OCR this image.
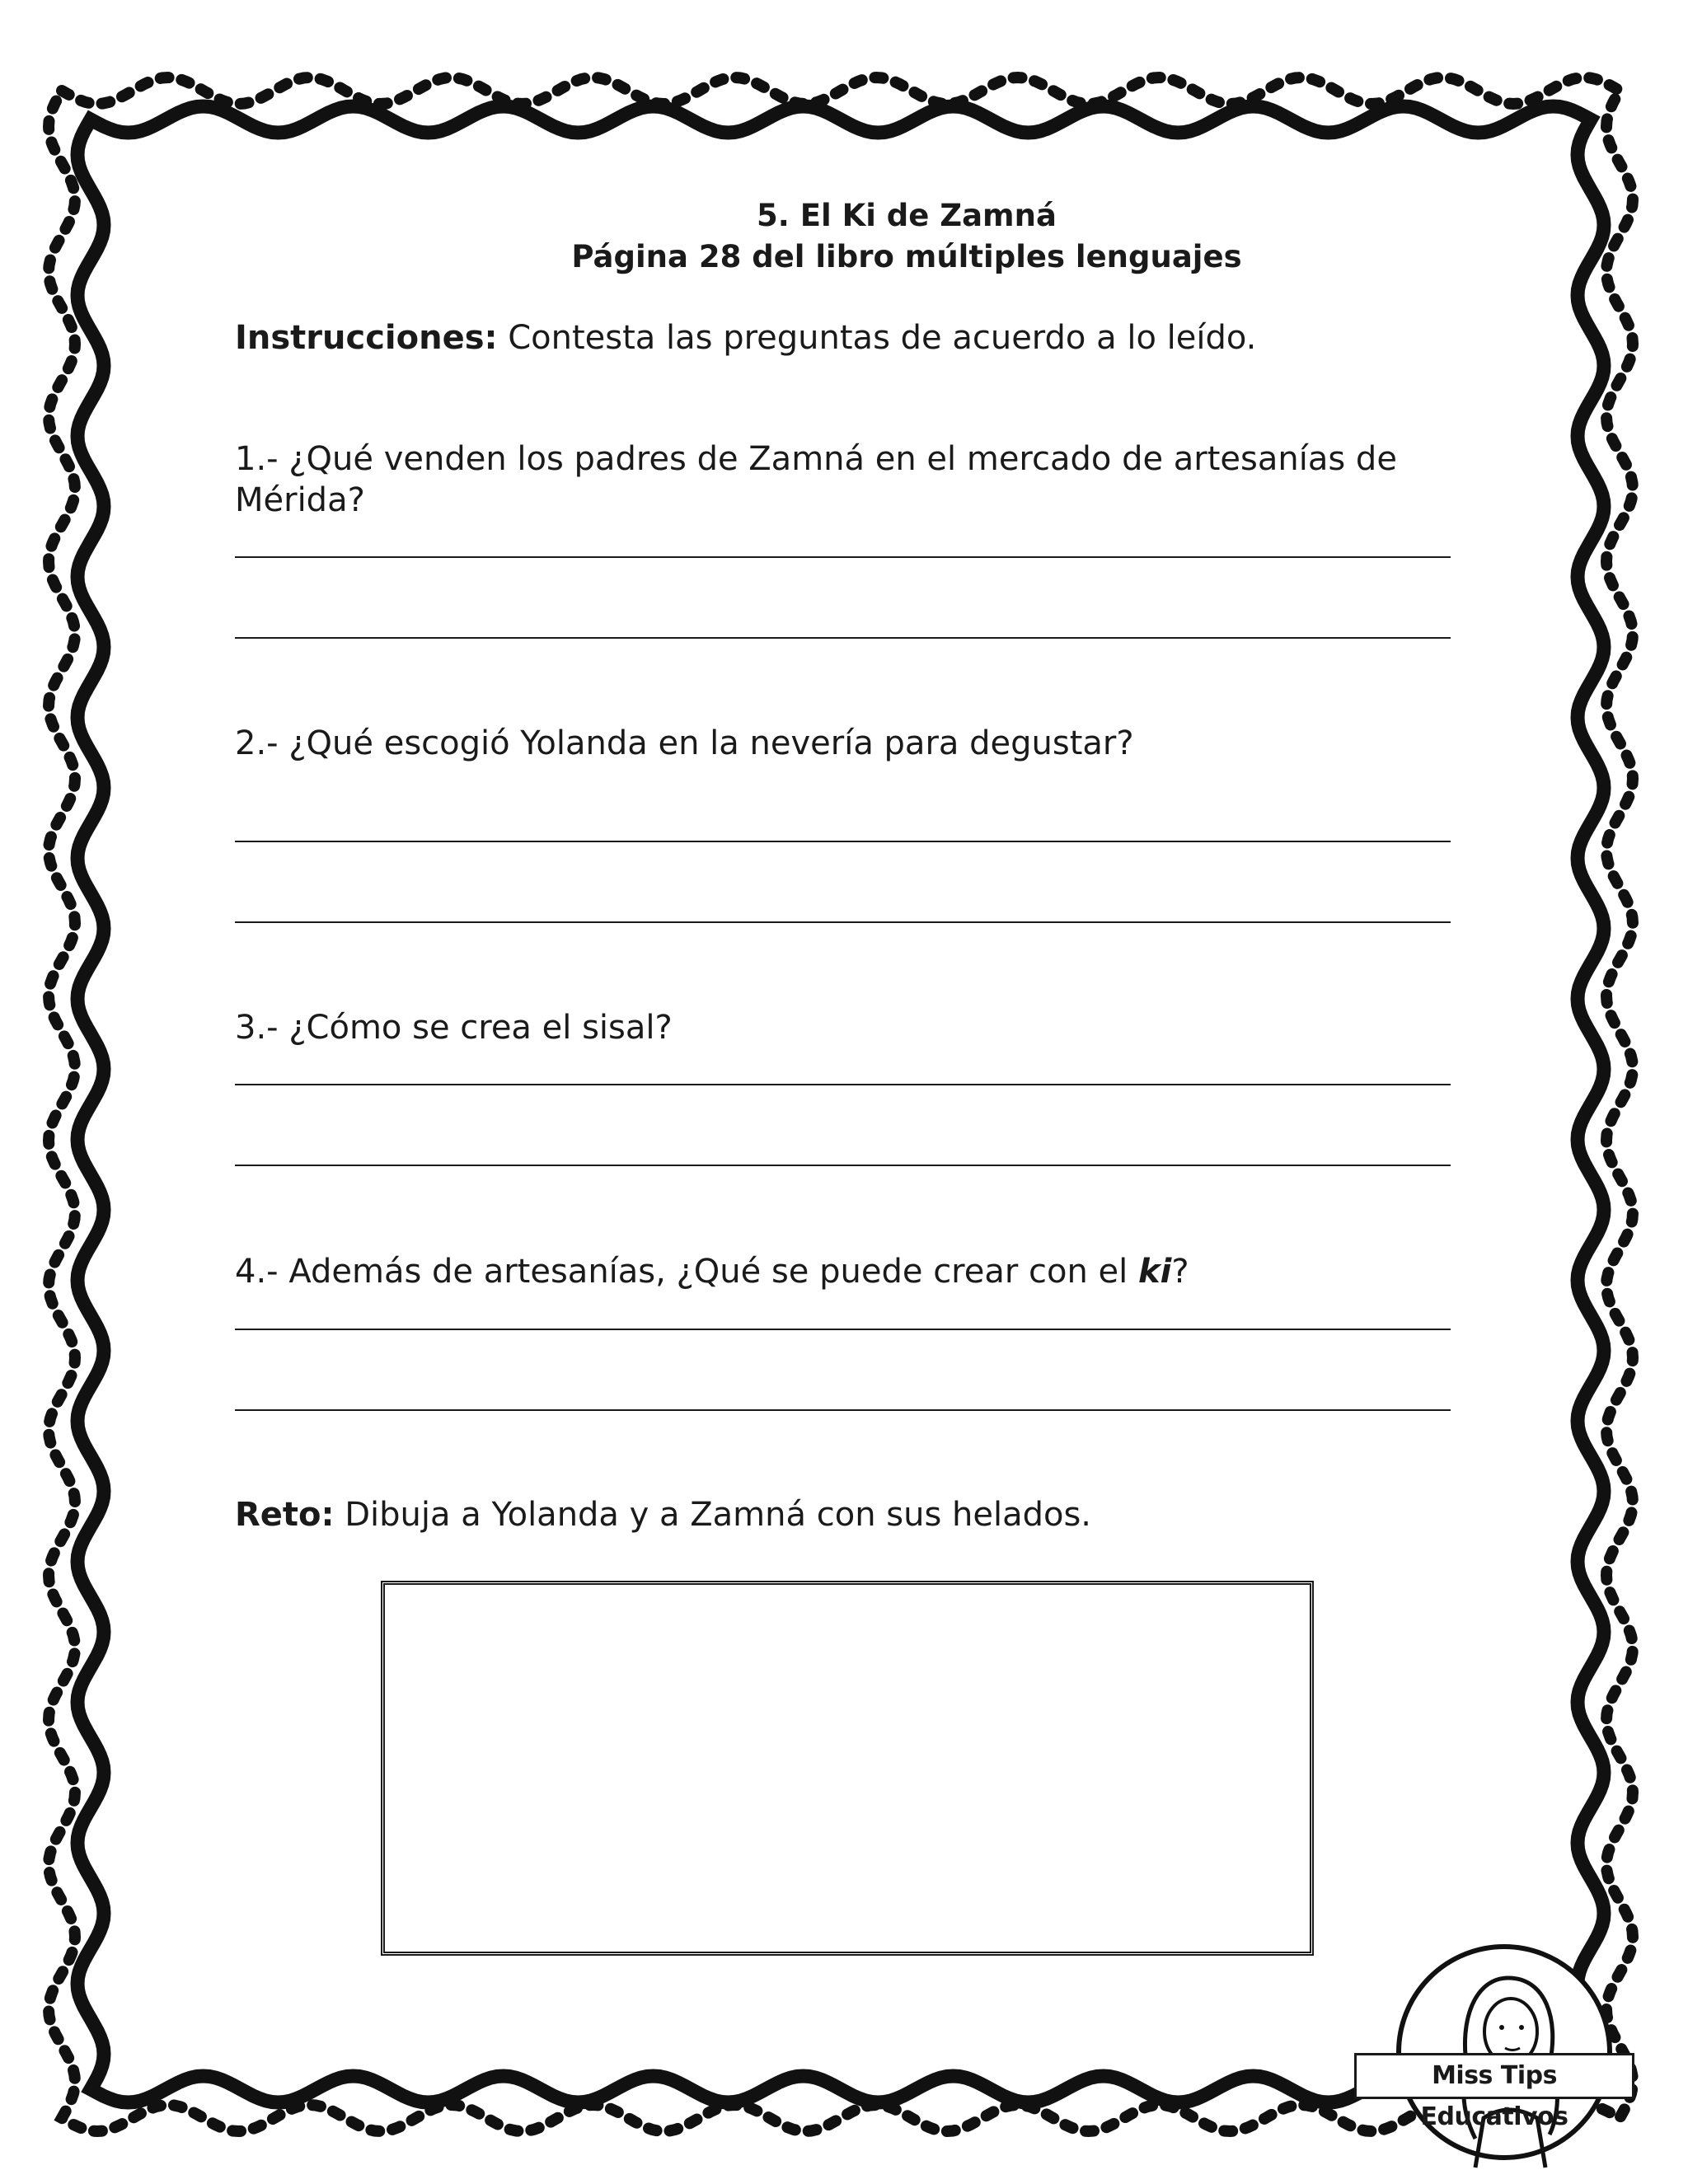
5. El Ki de Zamná
Página 28 del libro múltiples lenguajes
Instrucciones: Contesta las preguntas de acuerdo a lo leído.
1.- ¿Qué venden los padres de Zamná en el mercado de artesanías de
Mérida?
2.- ¿Qué escogió Yolanda en la nevería para degustar?
3.- ¿Cómo se crea el sisal?
4.- Además de artesanías, ¿Qué se puede crear con el ki?
Reto: Dibuja a Yolanda y a Zamná con sus helados.
Miss Tips Educativos
